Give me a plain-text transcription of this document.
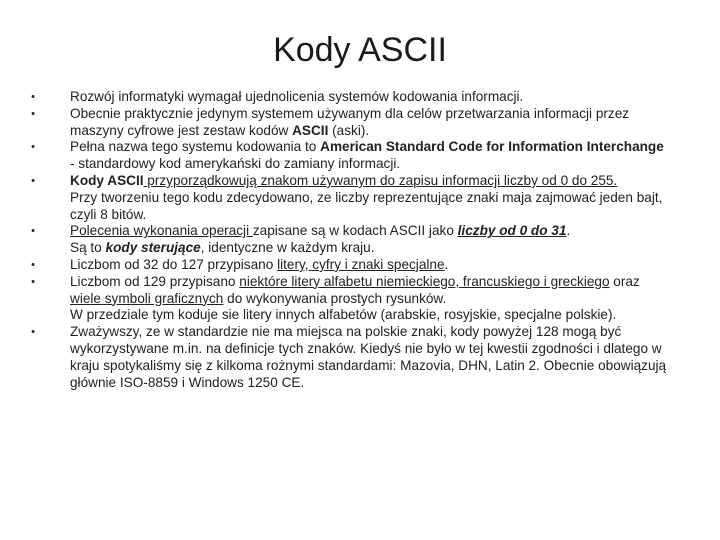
Kody ASCII
•	Rozwój informatyki wymagał ujednolicenia systemów kodowania informacji.
•	Obecnie praktycznie jedynym systemem używanym dla celów przetwarzania informacji przez maszyny cyfrowe jest zestaw kodów ASCII (aski).
•	Pełna nazwa tego systemu kodowania to American Standard Code for Information Interchange - standardowy kod amerykański do zamiany informacji.
•	Kody ASCII przyporządkowują znakom używanym do zapisu informacji liczby od 0 do 255.
Przy tworzeniu tego kodu zdecydowano, ze liczby reprezentujące znaki maja zajmować jeden bajt, czyli 8 bitów.
•	Polecenia wykonania operacji zapisane są w kodach ASCII jako liczby od 0 do 31.
Są to kody sterujące, identyczne w każdym kraju.
•	Liczbom od 32 do 127 przypisano litery, cyfry i znaki specjalne.
•	Liczbom od 129 przypisano niektóre litery alfabetu niemieckiego, francuskiego i greckiego oraz wiele symboli graficznych do wykonywania prostych rysunków.
W przedziale tym koduje sie litery innych alfabetów (arabskie, rosyjskie, specjalne polskie).
•	Zważywszy, ze w standardzie nie ma miejsca na polskie znaki, kody powyżej 128 mogą być wykorzystywane m.in. na definicje tych znaków. Kiedyś nie było w tej kwestii zgodności i dlatego w kraju spotykaliśmy się z kilkoma rożnymi standardami: Mazovia, DHN, Latin 2. Obecnie obowiązują głównie ISO-8859 i Windows 1250 CE.
